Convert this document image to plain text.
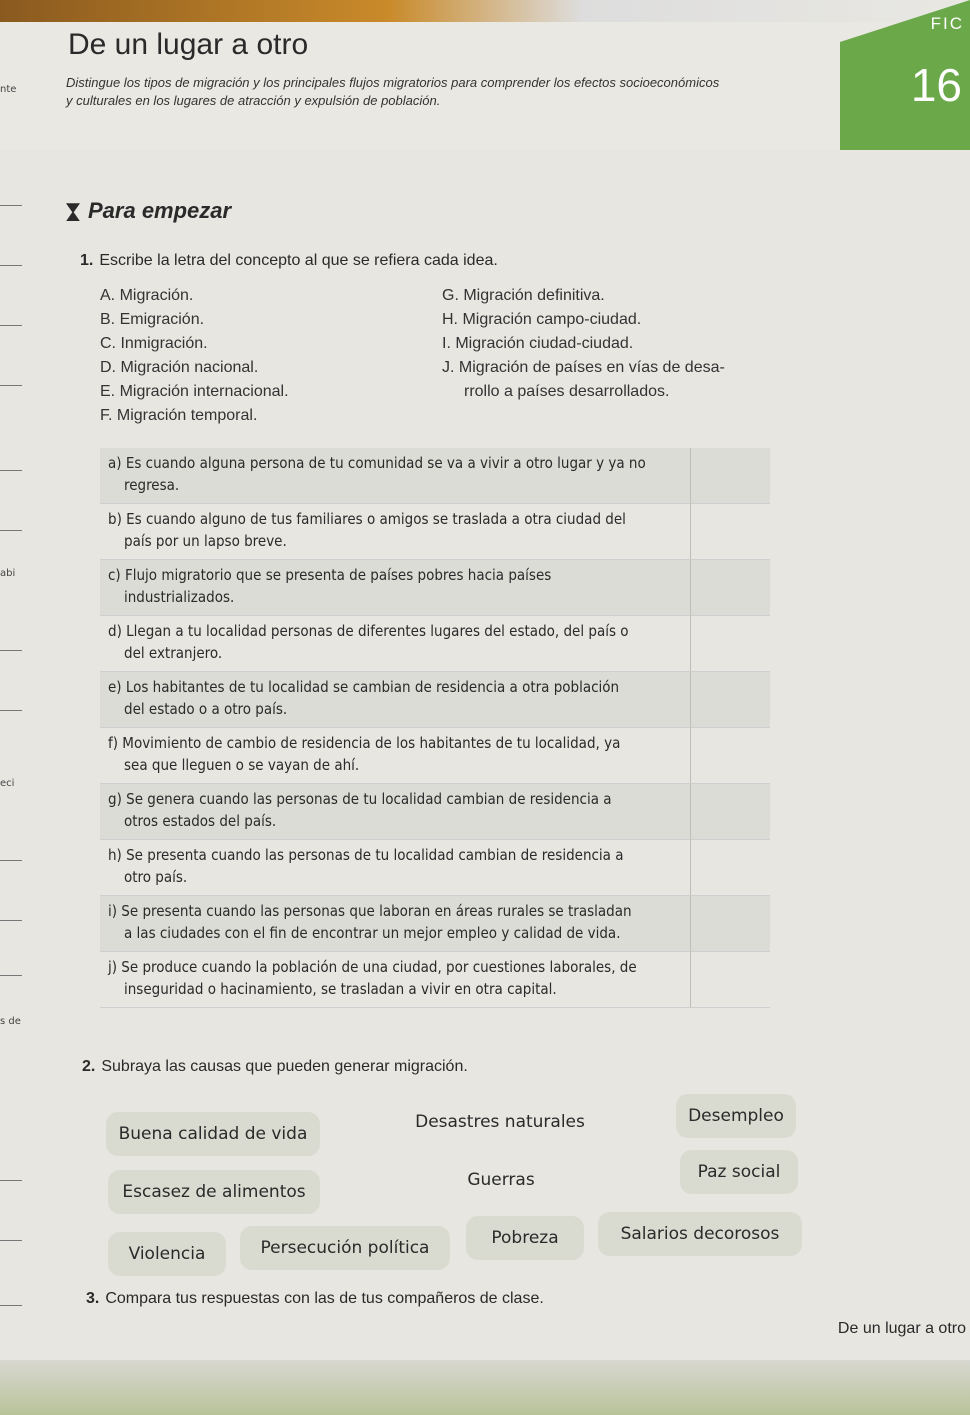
FIC
16
De un lugar a otro
Distingue los tipos de migración y los principales flujos migratorios para comprender los efectos socioeconómicos
y culturales en los lugares de atracción y expulsión de población.
nte
abi
eci
s de
Para empezar
1. Escribe la letra del concepto al que se refiera cada idea.
A. Migración.
B. Emigración.
C. Inmigración.
D. Migración nacional.
E. Migración internacional.
F. Migración temporal.
G. Migración definitiva.
H. Migración campo-ciudad.
I. Migración ciudad-ciudad.
J. Migración de países en vías de desa-
rrollo a países desarrollados.
a) Es cuando alguna persona de tu comunidad se va a vivir a otro lugar y ya no
regresa.
b) Es cuando alguno de tus familiares o amigos se traslada a otra ciudad del
país por un lapso breve.
c) Flujo migratorio que se presenta de países pobres hacia países
industrializados.
d) Llegan a tu localidad personas de diferentes lugares del estado, del país o
del extranjero.
e) Los habitantes de tu localidad se cambian de residencia a otra población
del estado o a otro país.
f) Movimiento de cambio de residencia de los habitantes de tu localidad, ya
sea que lleguen o se vayan de ahí.
g) Se genera cuando las personas de tu localidad cambian de residencia a
otros estados del país.
h) Se presenta cuando las personas de tu localidad cambian de residencia a
otro país.
i) Se presenta cuando las personas que laboran en áreas rurales se trasladan
a las ciudades con el fin de encontrar un mejor empleo y calidad de vida.
j) Se produce cuando la población de una ciudad, por cuestiones laborales, de
inseguridad o hacinamiento, se trasladan a vivir en otra capital.
2. Subraya las causas que pueden generar migración.
Buena calidad de vida
Desastres naturales	Desempleo
Escasez de alimentos
Guerras	Paz social
Violencia	Persecución política	Pobreza	Salarios decorosos
3. Compara tus respuestas con las de tus compañeros de clase.
De un lugar a otro
